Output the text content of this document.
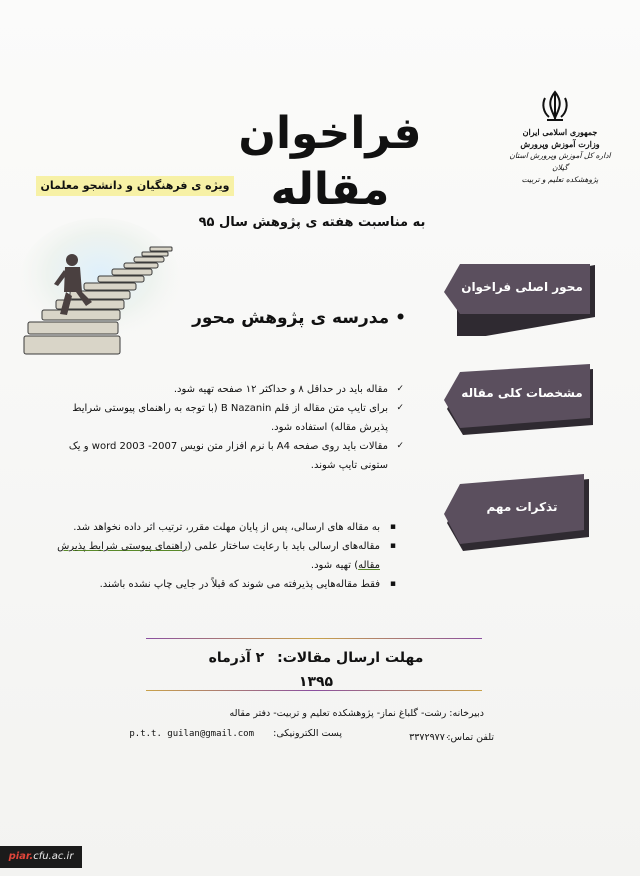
جمهوری اسلامی ایران
وزارت آموزش وپرورش
اداره کل آموزش وپرورش استان گیلان
پژوهشکده تعلیم و تربیت
فراخوان مقاله
ویژه ی فرهنگیان و دانشجو معلمان
به مناسبت هفته ی پژوهش سال ۹۵
•مدرسه ی پژوهش محور
محور اصلی فراخوان
مشخصات کلی مقاله
تذکرات مهم
✓
مقاله باید در حداقل ۸ و حداکثر ۱۲ صفحه تهیه شود.
✓
برای تایپ متن مقاله از قلم B Nazanin (با توجه به راهنمای پیوستی شرایط پذیرش مقاله) استفاده شود.
✓
مقالات باید روی صفحه A4 با نرم افزار متن نویس word 2003 -2007 و یک ستونی تایپ شوند.
▪
به مقاله های ارسالی، پس از پایان مهلت مقرر، ترتیب اثر داده نخواهد شد.
▪
مقاله‌های ارسالی باید با رعایت ساختار علمی (راهنمای پیوستی شرایط پذیرش مقاله) تهیه شود.
▪
فقط مقاله‌هایی پذیرفته می شوند که قبلاً در جایی چاپ نشده باشند.
مهلت ارسال مقالات: ۲ آذرماه ۱۳۹۵
دبیرخانه: رشت- گلباغ نماز- پژوهشکده تعلیم و تربیت- دفتر مقاله
تلفن تماس:
۳۳۷۲۹۷۷۰
پست الکترونیکی:
p.t.t. guilan@gmail.com
piar.cfu.ac.ir
